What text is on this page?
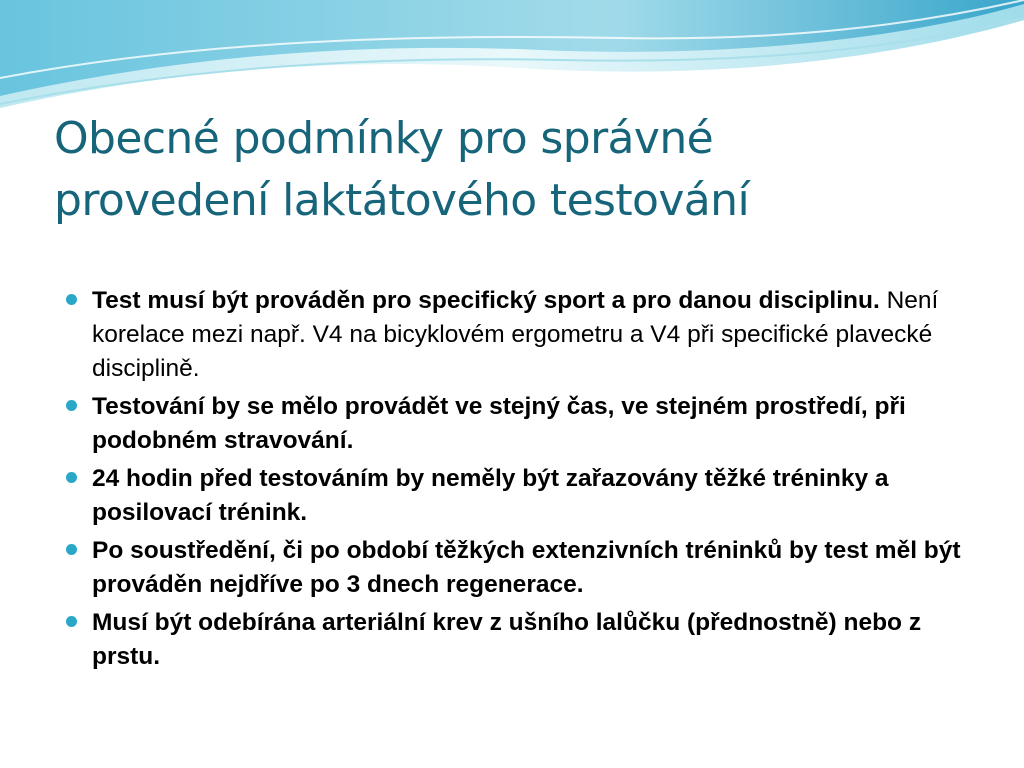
Obecné podmínky pro správné
provedení laktátového testování
Test musí být prováděn pro specifický sport a pro danou disciplinu. Není korelace mezi např. V4 na bicyklovém ergometru a V4 při specifické plavecké disciplině.
Testování by se mělo provádět ve stejný čas, ve stejném prostředí, při podobném stravování.
24 hodin před testováním by neměly být zařazovány těžké tréninky a posilovací trénink.
Po soustředění, či po období těžkých extenzivních tréninků by test měl být prováděn nejdříve po 3 dnech regenerace.
Musí být odebírána arteriální krev z ušního lalůčku (přednostně) nebo z prstu.
